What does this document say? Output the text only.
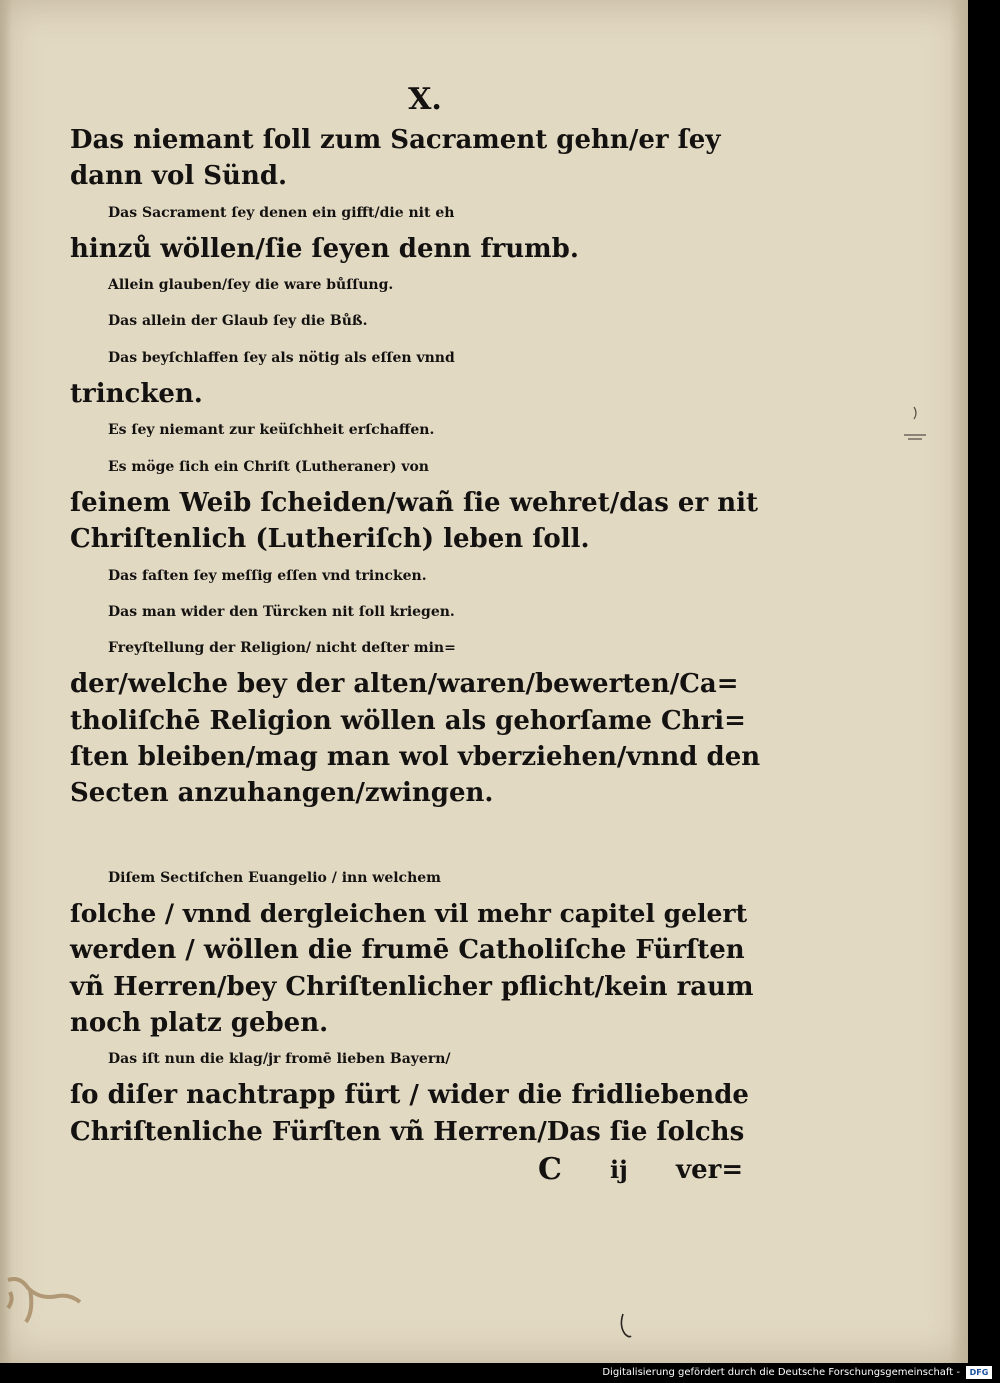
X.
Das niemant ſoll zum Sacrament gehn/er ſey
dann vol Sünd.
Das Sacrament ſey denen ein gifft/die nit eh
hinzů wöllen/ſie ſeyen denn frumb.
Allein glauben/ſey die ware bůſſung.
Das allein der Glaub ſey die Bůß.
Das beyſchlaffen ſey als nötig als eſſen vnnd
trincken.
Es ſey niemant zur keüſchheit erſchaffen.
Es möge ſich ein Chriſt (Lutheraner) von
ſeinem Weib ſcheiden/wañ ſie wehret/das er nit
Chriſtenlich (Lutheriſch) leben ſoll.
Das faſten ſey meſſig eſſen vnd trincken.
Das man wider den Türcken nit ſoll kriegen.
Freyſtellung der Religion/ nicht deſter min=
der/welche bey der alten/waren/bewerten/Ca=
tholiſchē Religion wöllen als gehorſame Chri=
ſten bleiben/mag man wol vberziehen/vnnd den
Secten anzuhangen/zwingen.
Diſem Sectiſchen Euangelio / inn welchem
ſolche / vnnd dergleichen vil mehr capitel gelert
werden / wöllen die frumē Catholiſche Fürſten
vñ Herren/bey Chriſtenlicher pflicht/kein raum
noch platz geben.
Das iſt nun die klag/jr fromē lieben Bayern/
ſo diſer nachtrapp fürt / wider die fridliebende
Chriſtenliche Fürſten vñ Herren/Das ſie ſolchs
C ij ver=
Digitalisierung gefördert durch die Deutsche Forschungsgemeinschaft -	DFG
